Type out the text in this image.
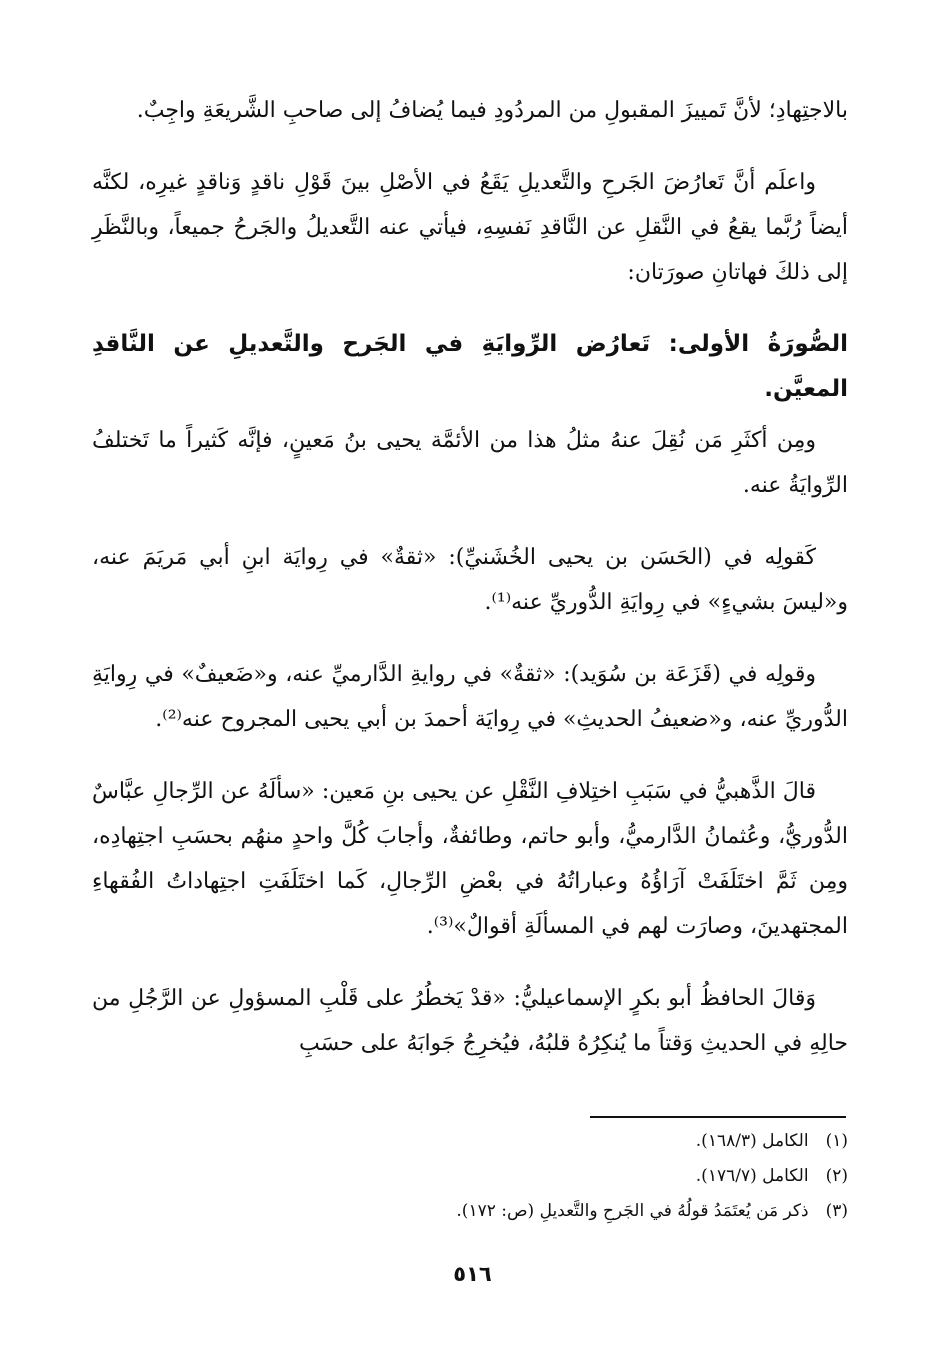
بالاجتِهادِ؛ لأنَّ تَمييزَ المقبولِ من المردُودِ فيما يُضافُ إلى صاحبِ الشَّريعَةِ واجِبٌ.

واعلَم أنَّ تَعارُضَ الجَرحِ والتَّعديلِ يَقَعُ في الأصْلِ بينَ قَوْلِ ناقدٍ وَناقدٍ غيرِه، لكنَّه أيضاً رُبَّما يقعُ في النَّقلِ عن النَّاقدِ نَفسِهِ، فيأتي عنه التَّعديلُ والجَرحُ جميعاً، وبالنَّظَرِ إلى ذلكَ فهاتانِ صورَتان:

الصُّورَةُ الأولى: تَعارُض الرِّوايَةِ في الجَرح والتَّعديلِ عن النَّاقدِ المعيَّن.

ومِن أكثَرِ مَن نُقِلَ عنهُ مثلُ هذا من الأئمَّة يحيى بنُ مَعينٍ، فإنَّه كَثيراً ما تَختلفُ الرِّوايَةُ عنه.

كَقولِه في (الحَسَن بن يحيى الخُشَنيِّ): «ثقةٌ» في رِوايَة ابنِ أبي مَريَمَ عنه، و«ليسَ بشيءٍ» في رِوايَةِ الدُّوريِّ عنه⁽¹⁾.

وقولِه في (قَزَعَة بن سُوَيد): «ثقةٌ» في روايةِ الدَّارميِّ عنه، و«ضَعيفٌ» في رِوايَةِ الدُّوريِّ عنه، و«ضعيفُ الحديثِ» في رِوايَة أحمدَ بن أبي يحيى المجروح عنه⁽²⁾.

قالَ الذَّهبيُّ في سَبَبِ اختِلافِ النَّقْلِ عن يحيى بنِ مَعين: «سألَهُ عن الرِّجالِ عبَّاسٌ الدُّوريُّ، وعُثمانُ الدَّارميُّ، وأبو حاتم، وطائفةٌ، وأجابَ كُلَّ واحدٍ منهُم بحسَبِ اجتِهادِه، ومِن ثَمَّ اختَلَفَتْ آرَاؤُهُ وعباراتُهُ في بعْضِ الرِّجالِ، كَما اختَلَفَتِ اجتِهاداتُ الفُقهاءِ المجتهدينَ، وصارَت لهم في المسألَةِ أقوالٌ»⁽³⁾.

وَقالَ الحافظُ أبو بكرٍ الإسماعيليُّ: «قدْ يَخطُرُ على قَلْبِ المسؤولِ عن الرَّجُلِ من حالِهِ في الحديثِ وَقتاً ما يُنكِرُهُ قلبُهُ، فيُخرِجُ جَوابَهُ على حسَبِ

(١) الكامل (١٦٨/٣).

(٢) الكامل (١٧٦/٧).

(٣) ذكر مَن يُعتَمَدُ قولُهُ في الجَرحِ والتَّعديلِ (ص: ١٧٢).

٥١٦
